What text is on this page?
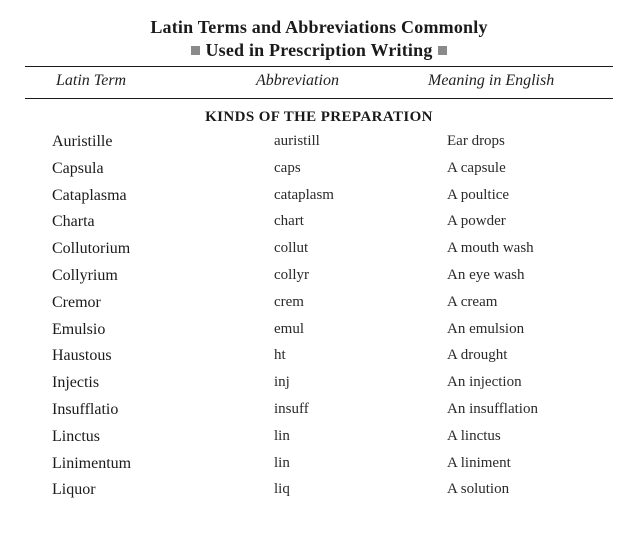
Latin Terms and Abbreviations Commonly
Used in Prescription Writing
Latin Term	Abbreviation	Meaning in English
KINDS OF THE PREPARATION
Auristille	auristill	Ear drops
Capsula	caps	A capsule
Cataplasma	cataplasm	A poultice
Charta	chart	A powder
Collutorium	collut	A mouth wash
Collyrium	collyr	An eye wash
Cremor	crem	A cream
Emulsio	emul	An emulsion
Haustous	ht	A drought
Injectis	inj	An injection
Insufflatio	insuff	An insufflation
Linctus	lin	A linctus
Linimentum	lin	A liniment
Liquor	liq	A solution
